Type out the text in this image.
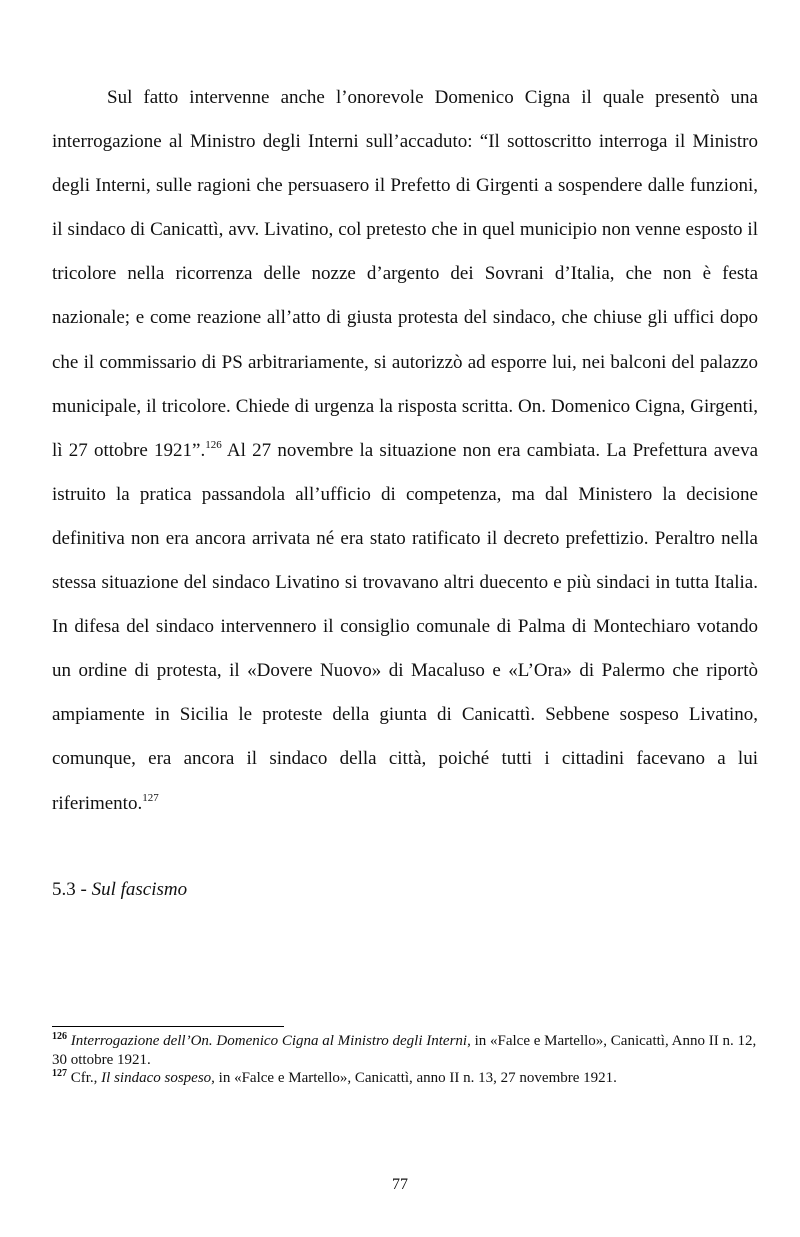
Sul fatto intervenne anche l’onorevole Domenico Cigna il quale presentò una interrogazione al Ministro degli Interni sull’accaduto: “Il sottoscritto interroga il Ministro degli Interni, sulle ragioni che persuasero il Prefetto di Girgenti a sospendere dalle funzioni, il sindaco di Canicattì, avv. Livatino, col pretesto che in quel municipio non venne esposto il tricolore nella ricorrenza delle nozze d’argento dei Sovrani d’Italia, che non è festa nazionale; e come reazione all’atto di giusta protesta del sindaco, che chiuse gli uffici dopo che il commissario di PS arbitrariamente, si autorizzò ad esporre lui, nei balconi del palazzo municipale, il tricolore. Chiede di urgenza la risposta scritta. On. Domenico Cigna, Girgenti, lì 27 ottobre 1921”.$^{126}$ Al 27 novembre la situazione non era cambiata. La Prefettura aveva istruito la pratica passandola all’ufficio di competenza, ma dal Ministero la decisione definitiva non era ancora arrivata né era stato ratificato il decreto prefettizio. Peraltro nella stessa situazione del sindaco Livatino si trovavano altri duecento e più sindaci in tutta Italia. In difesa del sindaco intervennero il consiglio comunale di Palma di Montechiaro votando un ordine di protesta, il «Dovere Nuovo» di Macaluso e «L’Ora» di Palermo che riportò ampiamente in Sicilia le proteste della giunta di Canicattì. Sebbene sospeso Livatino, comunque, era ancora il sindaco della città, poiché tutti i cittadini facevano a lui riferimento.$^{127}$

5.3 - Sul fascismo

$^{126}$ Interrogazione dell’On. Domenico Cigna al Ministro degli Interni, in «Falce e Martello», Canicattì, Anno II n. 12, 30 ottobre 1921.

$^{127}$ Cfr., Il sindaco sospeso, in «Falce e Martello», Canicattì, anno II n. 13, 27 novembre 1921.

77
